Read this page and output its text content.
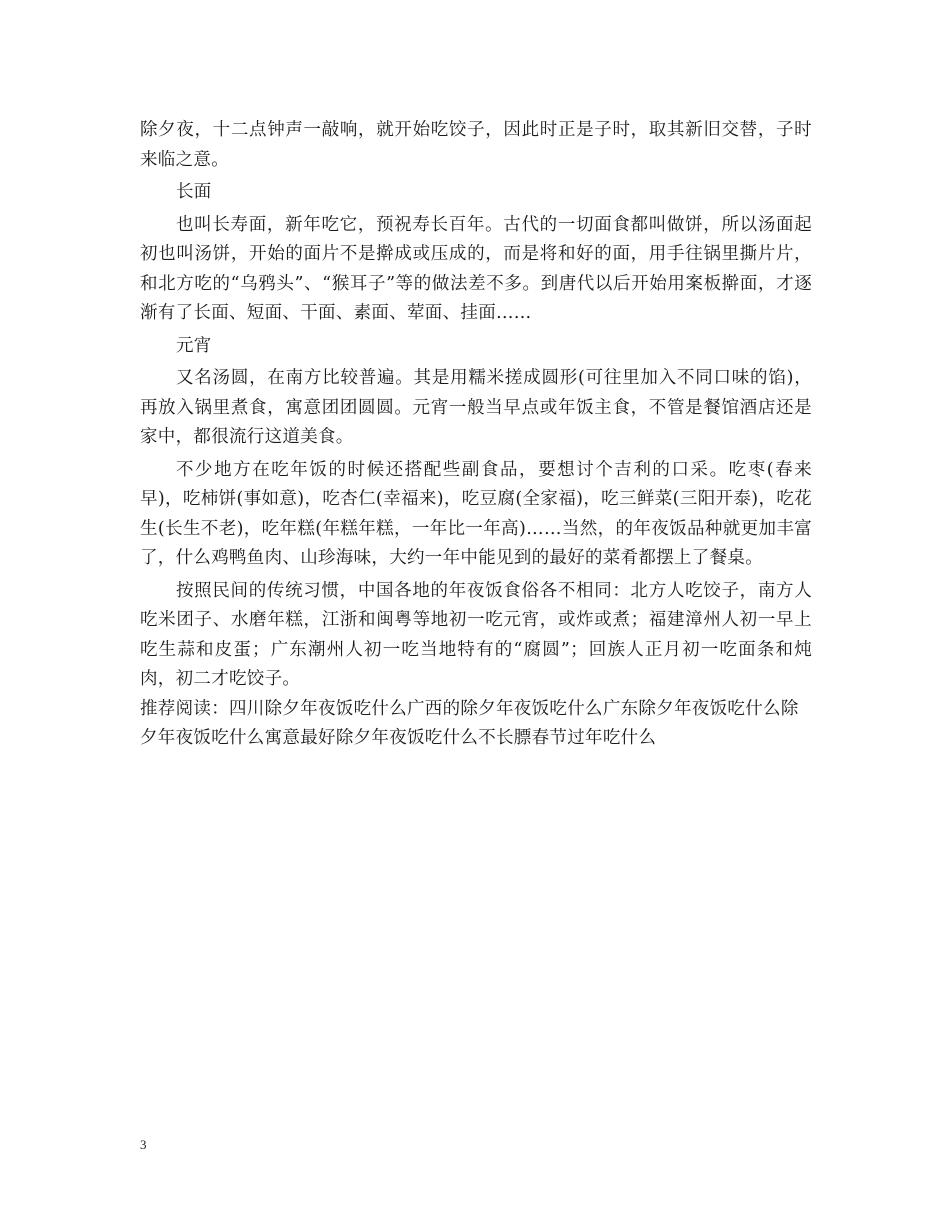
除夕夜，十二点钟声一敲响，就开始吃饺子，因此时正是子时，取其新旧交替，子时来临之意。

长面

也叫长寿面，新年吃它，预祝寿长百年。古代的一切面食都叫做饼，所以汤面起初也叫汤饼，开始的面片不是擀成或压成的，而是将和好的面，用手往锅里撕片片，和北方吃的“乌鸦头”、“猴耳子”等的做法差不多。到唐代以后开始用案板擀面，才逐渐有了长面、短面、干面、素面、荤面、挂面……

元宵

又名汤圆，在南方比较普遍。其是用糯米搓成圆形(可往里加入不同口味的馅)，再放入锅里煮食，寓意团团圆圆。元宵一般当早点或年饭主食，不管是餐馆酒店还是家中，都很流行这道美食。

不少地方在吃年饭的时候还搭配些副食品，要想讨个吉利的口采。吃枣(春来早)，吃柿饼(事如意)，吃杏仁(幸福来)，吃豆腐(全家福)，吃三鲜菜(三阳开泰)，吃花生(长生不老)，吃年糕(年糕年糕，一年比一年高)……当然，的年夜饭品种就更加丰富了，什么鸡鸭鱼肉、山珍海味，大约一年中能见到的最好的菜肴都摆上了餐桌。

按照民间的传统习惯，中国各地的年夜饭食俗各不相同：北方人吃饺子，南方人吃米团子、水磨年糕，江浙和闽粤等地初一吃元宵，或炸或煮；福建漳州人初一早上吃生蒜和皮蛋；广东潮州人初一吃当地特有的“腐圆”；回族人正月初一吃面条和炖肉，初二才吃饺子。

推荐阅读：四川除夕年夜饭吃什么广西的除夕年夜饭吃什么广东除夕年夜饭吃什么除夕年夜饭吃什么寓意最好除夕年夜饭吃什么不长膘春节过年吃什么

3
